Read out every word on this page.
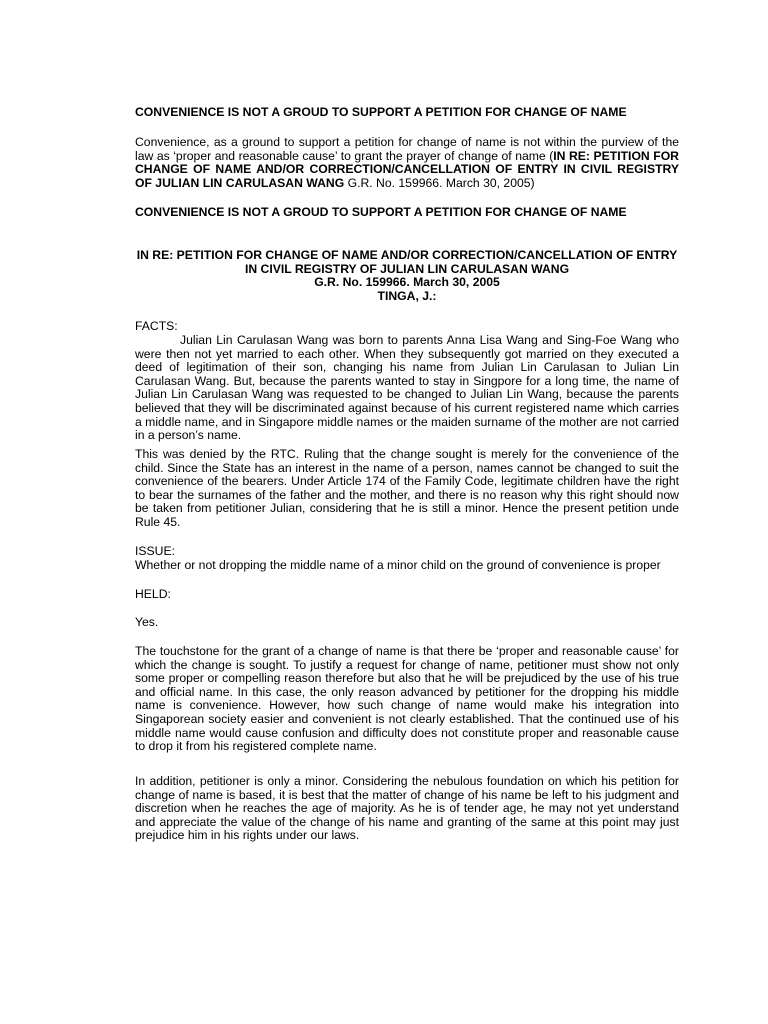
CONVENIENCE IS NOT A GROUD TO SUPPORT A PETITION FOR CHANGE OF NAME

Convenience, as a ground to support a petition for change of name is not within the purview of the law as ‘proper and reasonable cause’ to grant the prayer of change of name (IN RE: PETITION FOR CHANGE OF NAME AND/OR CORRECTION/CANCELLATION OF ENTRY IN CIVIL REGISTRY OF JULIAN LIN CARULASAN WANG G.R. No. 159966. March 30, 2005)

CONVENIENCE IS NOT A GROUD TO SUPPORT A PETITION FOR CHANGE OF NAME

IN RE: PETITION FOR CHANGE OF NAME AND/OR CORRECTION/CANCELLATION OF ENTRY
IN CIVIL REGISTRY OF JULIAN LIN CARULASAN WANG
G.R. No. 159966. March 30, 2005
TINGA, J.:

FACTS:

Julian Lin Carulasan Wang was born to parents Anna Lisa Wang and Sing-Foe Wang who were then not yet married to each other. When they subsequently got married on they executed a deed of legitimation of their son, changing his name from Julian Lin Carulasan to Julian Lin Carulasan Wang. But, because the parents wanted to stay in Singpore for a long time, the name of Julian Lin Carulasan Wang was requested to be changed to Julian Lin Wang, because the parents believed that they will be discriminated against because of his current registered name which carries a middle name, and in Singapore middle names or the maiden surname of the mother are not carried in a person’s name.

This was denied by the RTC. Ruling that the change sought is merely for the convenience of the child. Since the State has an interest in the name of a person, names cannot be changed to suit the convenience of the bearers. Under Article 174 of the Family Code, legitimate children have the right to bear the surnames of the father and the mother, and there is no reason why this right should now be taken from petitioner Julian, considering that he is still a minor. Hence the present petition unde Rule 45.

ISSUE:

Whether or not dropping the middle name of a minor child on the ground of convenience is proper

HELD:

Yes.

The touchstone for the grant of a change of name is that there be ‘proper and reasonable cause’ for which the change is sought. To justify a request for change of name, petitioner must show not only some proper or compelling reason therefore but also that he will be prejudiced by the use of his true and official name. In this case, the only reason advanced by petitioner for the dropping his middle name is convenience. However, how such change of name would make his integration into Singaporean society easier and convenient is not clearly established. That the continued use of his middle name would cause confusion and difficulty does not constitute proper and reasonable cause to drop it from his registered complete name.

In addition, petitioner is only a minor. Considering the nebulous foundation on which his petition for change of name is based, it is best that the matter of change of his name be left to his judgment and discretion when he reaches the age of majority. As he is of tender age, he may not yet understand and appreciate the value of the change of his name and granting of the same at this point may just prejudice him in his rights under our laws.
